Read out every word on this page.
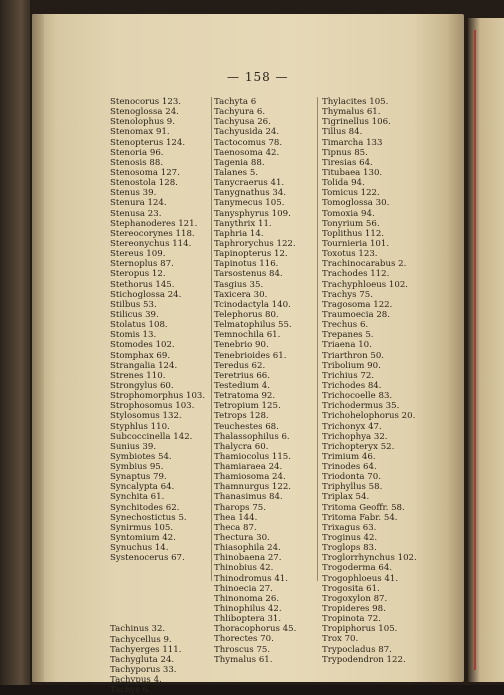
— 158 —
Stenocorus 123.
Stenoglossa 24.
Stenolophus 9.
Stenomax 91.
Stenopterus 124.
Stenoria 96.
Stenosis 88.
Stenosoma 127.
Stenostola 128.
Stenus 39.
Stenura 124.
Stenusa 23.
Stephanoderes 121.
Stereocorynes 118.
Stereonychus 114.
Stereus 109.
Sternoplus 87.
Steropus 12.
Stethorus 145.
Stichoglossa 24.
Stilbus 53.
Stilicus 39.
Stolatus 108.
Stomis 13.
Stomodes 102.
Stomphax 69.
Strangalia 124.
Strenes 110.
Strongylus 60.
Strophomorphus 103.
Strophosomus 103.
Stylosomus 132.
Styphlus 110.
Subcoccinella 142.
Sunius 39.
Symbiotes 54.
Symbius 95.
Synaptus 79.
Syncalypta 64.
Synchita 61.
Synchitodes 62.
Synechostictus 5.
Synirmus 105.
Syntomium 42.
Synuchus 14.
Systenocerus 67.
Tachinus 32.
Tachycellus 9.
Tachyerges 111.
Tachygluta 24.
Tachyporus 33.
Tachypus 4.
Tachys 6.
Tachyta 6
Tachyura 6.
Tachyusa 26.
Tachyusida 24.
Tactocomus 78.
Taenosoma 42.
Tagenia 88.
Talanes 5.
Tanycraerus 41.
Tanygnathus 34.
Tanymecus 105.
Tanysphyrus 109.
Tanythrix 11.
Taphria 14.
Taphrorychus 122.
Tapinopterus 12.
Tapinotus 116.
Tarsostenus 84.
Tasgius 35.
Taxicera 30.
Tcinodactyla 140.
Telephorus 80.
Telmatophilus 55.
Temnochila 61.
Tenebrio 90.
Tenebrioides 61.
Teredus 62.
Teretrius 66.
Testedium 4.
Tetratoma 92.
Tetropium 125.
Tetrops 128.
Teuchestes 68.
Thalassophilus 6.
Thalycra 60.
Thamiocolus 115.
Thamiaraea 24.
Thamiosoma 24.
Thamnurgus 122.
Thanasimus 84.
Tharops 75.
Thea 144.
Theca 87.
Thectura 30.
Thiasophila 24.
Thinobaena 27.
Thinobius 42.
Thinodromus 41.
Thinoecia 27.
Thinonoma 26.
Thinophilus 42.
Thliboptera 31.
Thoracophorus 45.
Thorectes 70.
Throscus 75.
Thymalus 61.
Thylacites 105.
Thymalus 61.
Tigrinellus 106.
Tillus 84.
Timarcha 133
Tipnus 85.
Tiresias 64.
Titubaea 130.
Tolida 94.
Tomicus 122.
Tomoglossa 30.
Tomoxia 94.
Tonyrium 56.
Toplithus 112.
Tournieria 101.
Toxotus 123.
Trachinocarabus 2.
Trachodes 112.
Trachyphloeus 102.
Trachys 75.
Tragosoma 122.
Traumoecia 28.
Trechus 6.
Trepanes 5.
Triaena 10.
Triarthron 50.
Tribolium 90.
Trichius 72.
Trichodes 84.
Trichocoelle 83.
Trichodermus 35.
Trichohelophorus 20.
Trichonyx 47.
Trichophya 32.
Trichopteryx 52.
Trimium 46.
Trinodes 64.
Triodonta 70.
Triphyllus 58.
Triplax 54.
Tritoma Geoffr. 58.
Tritoma Fabr. 54.
Trixagus 63.
Troginus 42.
Troglops 83.
Troglorrhynchus 102.
Trogoderma 64.
Trogophloeus 41.
Trogosita 61.
Trogoxylon 87.
Tropideres 98.
Tropinota 72.
Tropiphorus 105.
Trox 70.
Trypocladus 87.
Trypodendron 122.
